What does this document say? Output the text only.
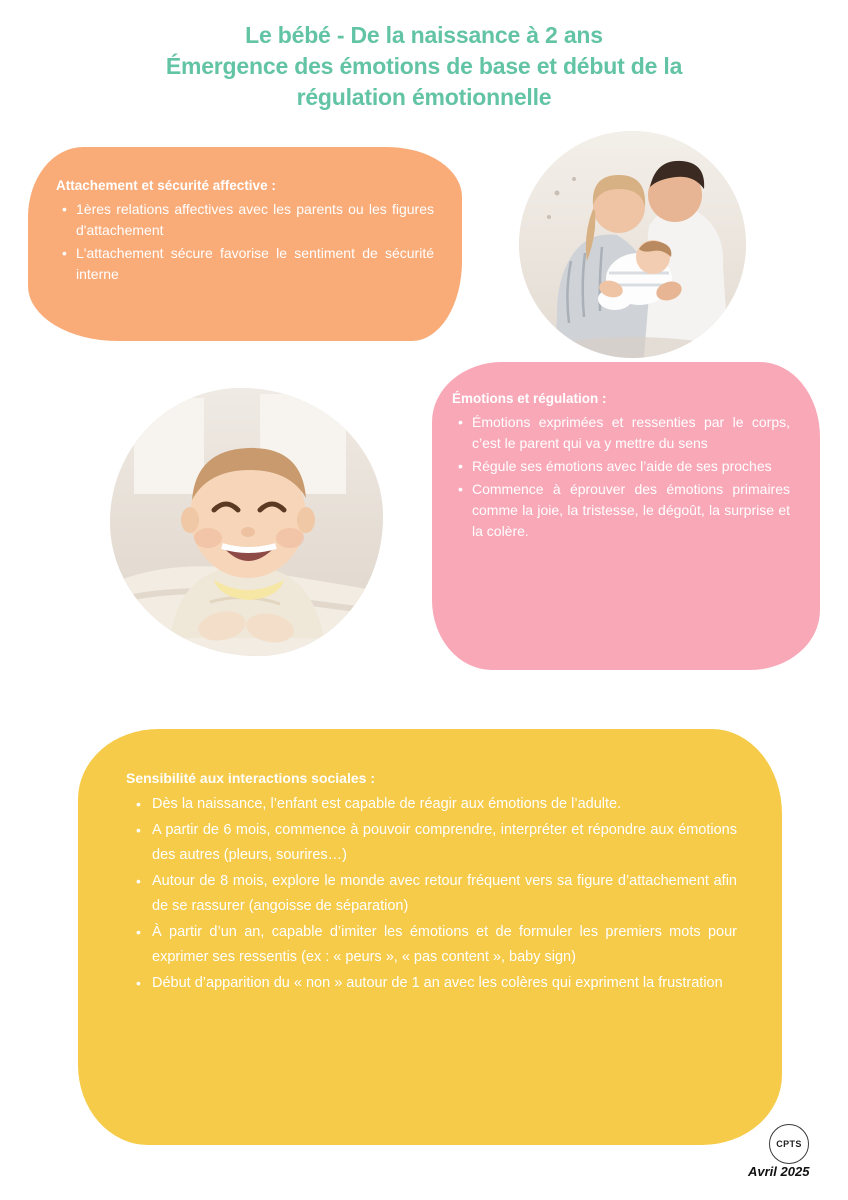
Le bébé - De la naissance à 2 ans
Émergence des émotions de base et début de la
régulation émotionnelle
Attachement et sécurité affective :
• 1ères relations affectives avec les parents ou les figures d'attachement
• L'attachement sécure favorise le sentiment de sécurité interne
Émotions et régulation :
• Émotions exprimées et ressenties par le corps, c’est le parent qui va y mettre du sens
• Régule ses émotions avec l’aide de ses proches
• Commence à éprouver des émotions primaires comme la joie, la tristesse, le dégoût, la surprise et la colère.
Sensibilité aux interactions sociales :
• Dès la naissance, l’enfant est capable de réagir aux émotions de l’adulte.
• A partir de 6 mois, commence à pouvoir comprendre, interpréter et répondre aux émotions des autres (pleurs, sourires…)
• Autour de 8 mois, explore le monde avec retour fréquent vers sa figure d’attachement afin de se rassurer (angoisse de séparation)
• À partir d’un an, capable d’imiter les émotions et de formuler les premiers mots pour exprimer ses ressentis (ex : « peurs », « pas content », baby sign)
• Début d’apparition du « non » autour de 1 an avec les colères qui expriment la frustration
CPTS
Avril 2025
